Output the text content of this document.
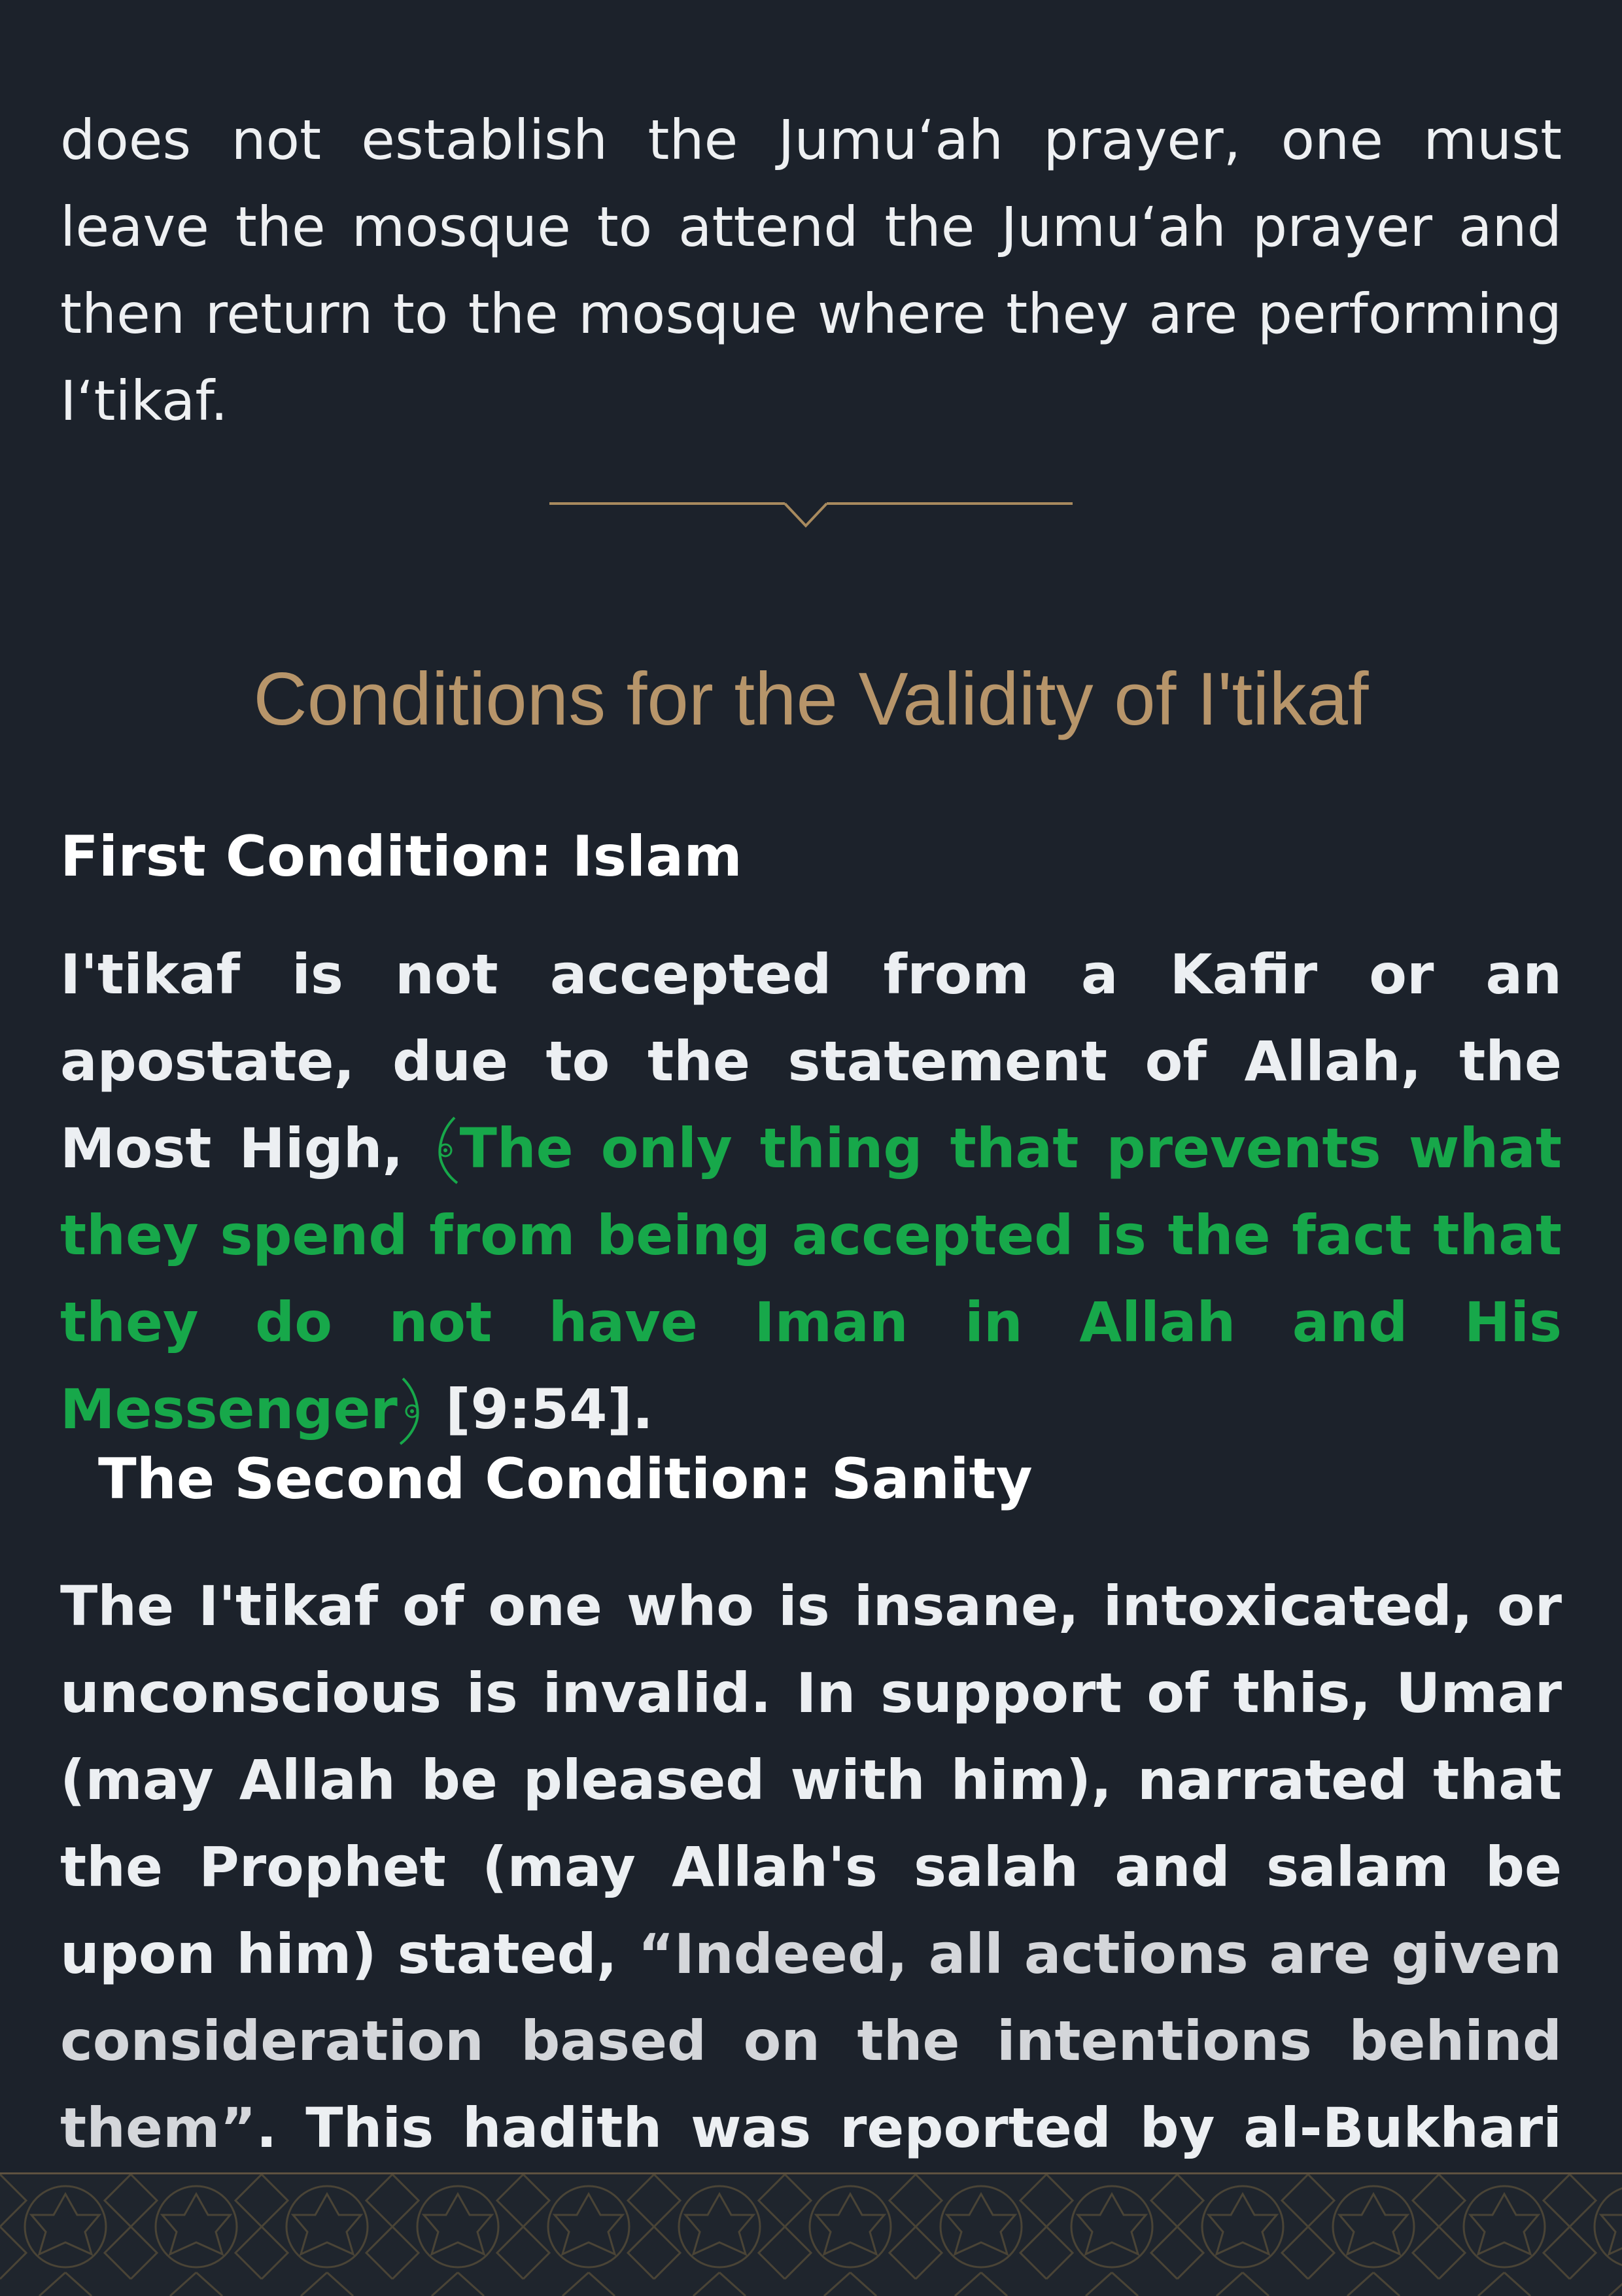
does not establish the Jumu‘ah prayer, one must leave the mosque to attend the Jumu‘ah prayer and then return to the mosque where they are performing I‘tikaf.

Conditions for the Validity of I'tikaf
First Condition: Islam

I'tikaf is not accepted from a Kafir or an apostate, due to the statement of Allah, the Most High, The only thing that prevents what they spend from being accepted is the fact that they do not have Iman in Allah and His Messenger [9:54].

The Second Condition: Sanity

The I'tikaf of one who is insane, intoxicated, or unconscious is invalid. In support of this, Umar (may Allah be pleased with him), narrated that the Prophet (may Allah's salah and salam be upon him) stated, “Indeed, all actions are given consideration based on the intentions behind them”. This hadith was reported by al-Bukhari
